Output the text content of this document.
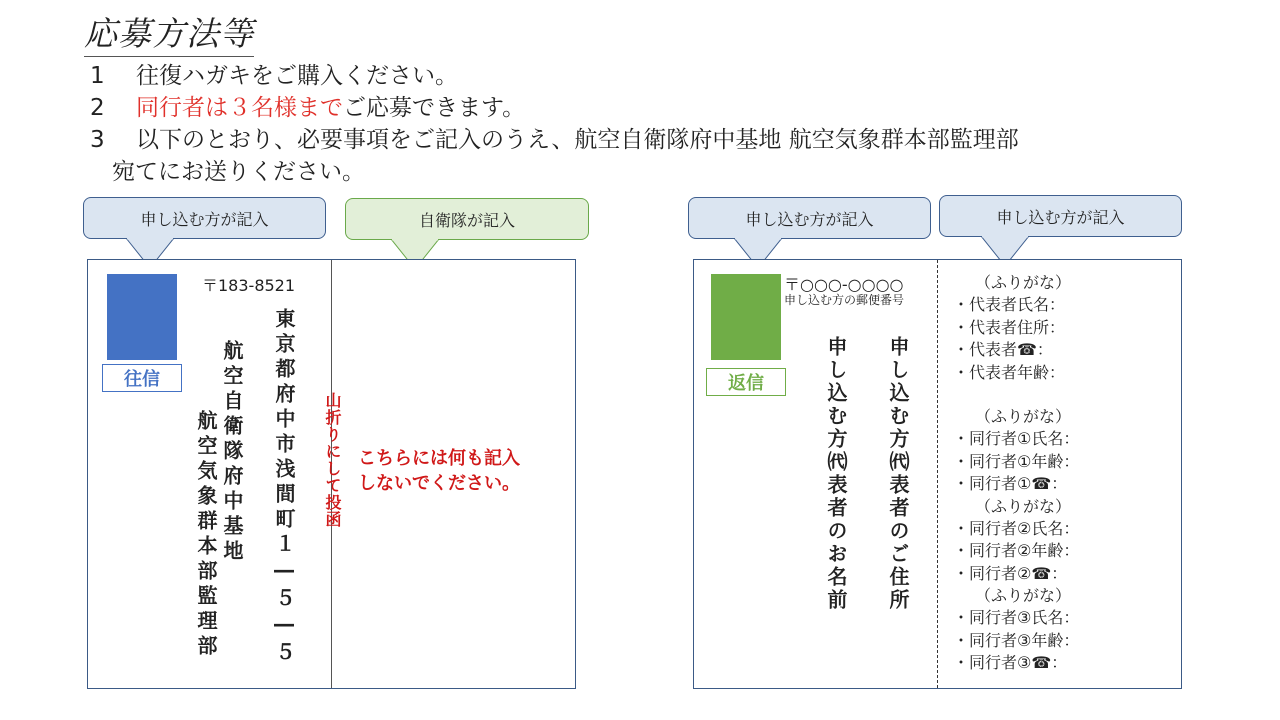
応募方法等
1 往復ハガキをご購入ください。
2 同行者は３名様までご応募できます。
3 以下のとおり、必要事項をご記入のうえ、航空自衛隊府中基地 航空気象群本部監理部
宛てにお送りください。
申し込む方が記入	自衛隊が記入	申し込む方が記入	申し込む方が記入
往信
〒183-8521
東京都府中市浅間町１―５―５
航空自衛隊府中基地
航空気象群本部監理部	山折りにして投函 こちらには何も記入
しないでください。
返信
〒○○○-○○○○
申し込む方の郵便番号
申し込む方㈹表者のご住所
申し込む方㈹表者のお名前
（ふりがな）
・代表者氏名：
・代表者住所：
・代表者☎：
・代表者年齢：
（ふりがな）
・同行者①氏名：
・同行者①年齢：
・同行者①☎：
（ふりがな）
・同行者②氏名：
・同行者②年齢：
・同行者②☎：
（ふりがな）
・同行者③氏名：
・同行者③年齢：
・同行者③☎：
